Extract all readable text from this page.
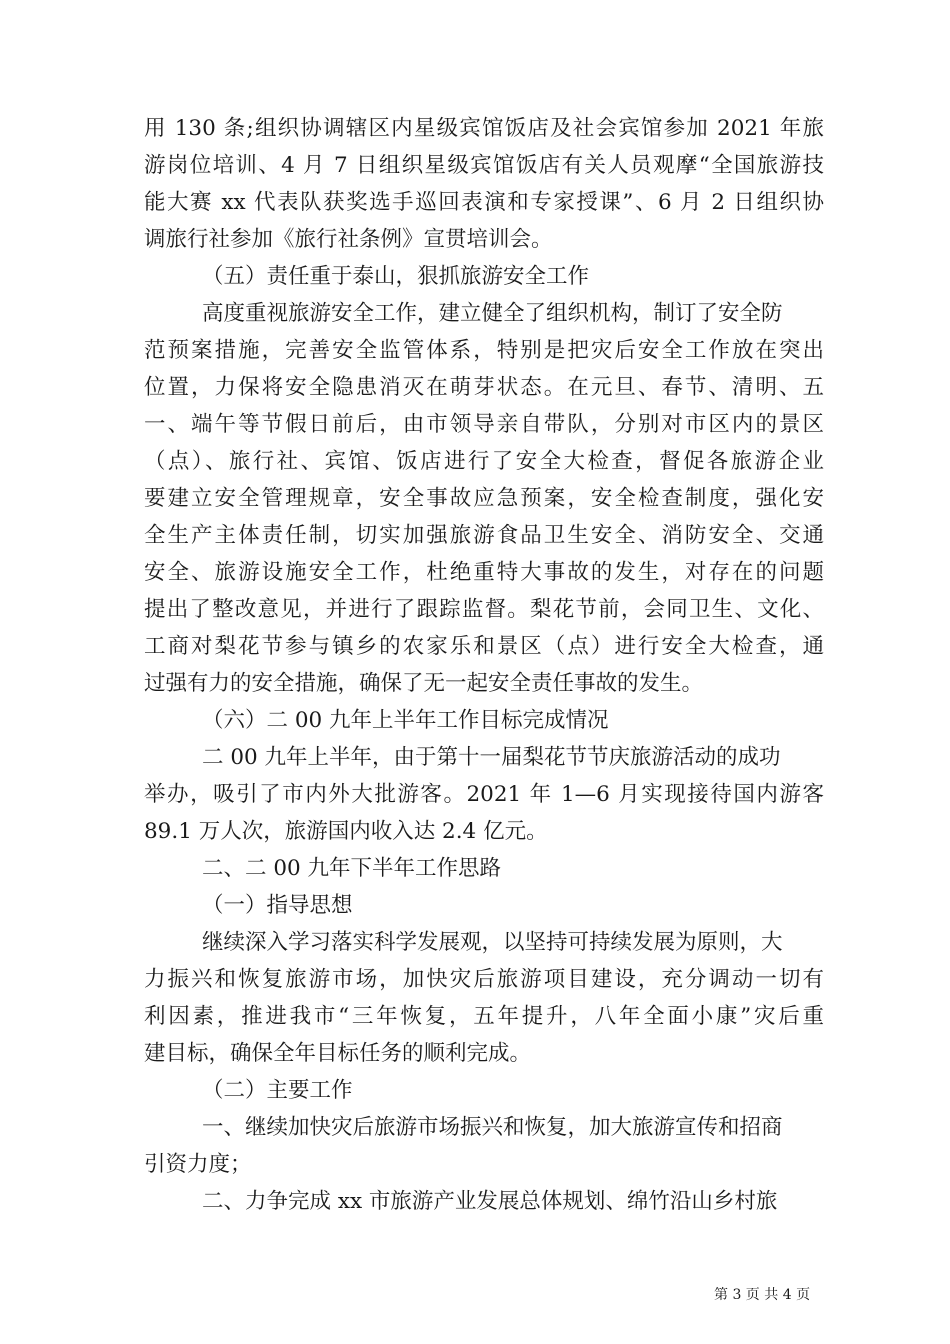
用 130 条;组织协调辖区内星级宾馆饭店及社会宾馆参加 2021 年旅
游岗位培训、4 月 7 日组织星级宾馆饭店有关人员观摩“全国旅游技
能大赛 xx 代表队获奖选手巡回表演和专家授课”、6 月 2 日组织协
调旅行社参加《旅行社条例》宣贯培训会。
（五）责任重于泰山，狠抓旅游安全工作
高度重视旅游安全工作，建立健全了组织机构，制订了安全防
范预案措施，完善安全监管体系，特别是把灾后安全工作放在突出
位置，力保将安全隐患消灭在萌芽状态。在元旦、春节、清明、五
一、端午等节假日前后，由市领导亲自带队，分别对市区内的景区
（点）、旅行社、宾馆、饭店进行了安全大检查，督促各旅游企业
要建立安全管理规章，安全事故应急预案，安全检查制度，强化安
全生产主体责任制，切实加强旅游食品卫生安全、消防安全、交通
安全、旅游设施安全工作，杜绝重特大事故的发生，对存在的问题
提出了整改意见，并进行了跟踪监督。梨花节前，会同卫生、文化、
工商对梨花节参与镇乡的农家乐和景区（点）进行安全大检查，通
过强有力的安全措施，确保了无一起安全责任事故的发生。
（六）二 00 九年上半年工作目标完成情况
二 00 九年上半年，由于第十一届梨花节节庆旅游活动的成功
举办，吸引了市内外大批游客。2021 年 1—6 月实现接待国内游客
89.1 万人次，旅游国内收入达 2.4 亿元。
二、二 00 九年下半年工作思路
（一）指导思想
继续深入学习落实科学发展观，以坚持可持续发展为原则，大
力振兴和恢复旅游市场，加快灾后旅游项目建设，充分调动一切有
利因素，推进我市“三年恢复，五年提升，八年全面小康”灾后重
建目标，确保全年目标任务的顺利完成。
（二）主要工作
一、继续加快灾后旅游市场振兴和恢复，加大旅游宣传和招商
引资力度；
二、力争完成 xx 市旅游产业发展总体规划、绵竹沿山乡村旅
第 3 页 共 4 页
